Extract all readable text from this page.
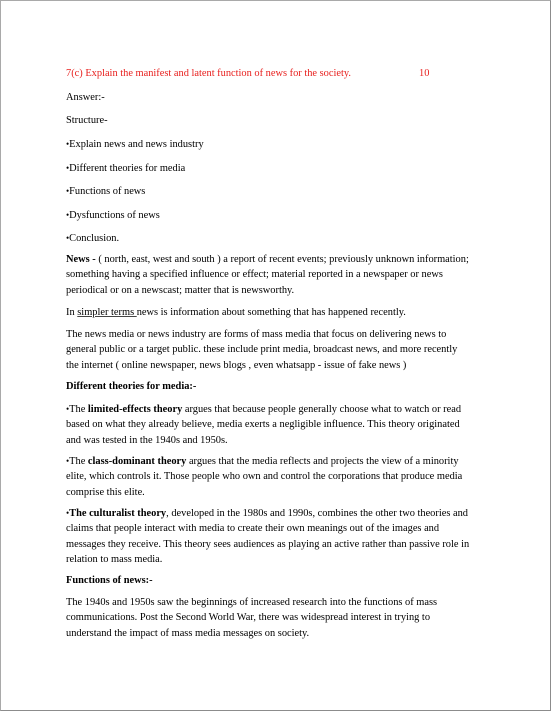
7(c) Explain the manifest and latent function of news for the society.	10
Answer:-
Structure-
•Explain news and news industry
•Different theories for media
•Functions of news
•Dysfunctions of news
•Conclusion.
News - ( north, east, west and south ) a report of recent events; previously unknown information;
something having a specified influence or effect; material reported in a newspaper or news
periodical or on a newscast; matter that is newsworthy.
In simpler terms news is information about something that has happened recently.
The news media or news industry are forms of mass media that focus on delivering news to
general public or a target public. these include print media, broadcast news, and more recently
the internet ( online newspaper, news blogs , even whatsapp - issue of fake news )
Different theories for media:-
•The limited-effects theory argues that because people generally choose what to watch or read
based on what they already believe, media exerts a negligible influence. This theory originated
and was tested in the 1940s and 1950s.
•The class-dominant theory argues that the media reflects and projects the view of a minority
elite, which controls it. Those people who own and control the corporations that produce media
comprise this elite.
•The culturalist theory, developed in the 1980s and 1990s, combines the other two theories and
claims that people interact with media to create their own meanings out of the images and
messages they receive. This theory sees audiences as playing an active rather than passive role in
relation to mass media.
Functions of news:-
The 1940s and 1950s saw the beginnings of increased research into the functions of mass
communications. Post the Second World War, there was widespread interest in trying to
understand the impact of mass media messages on society.
